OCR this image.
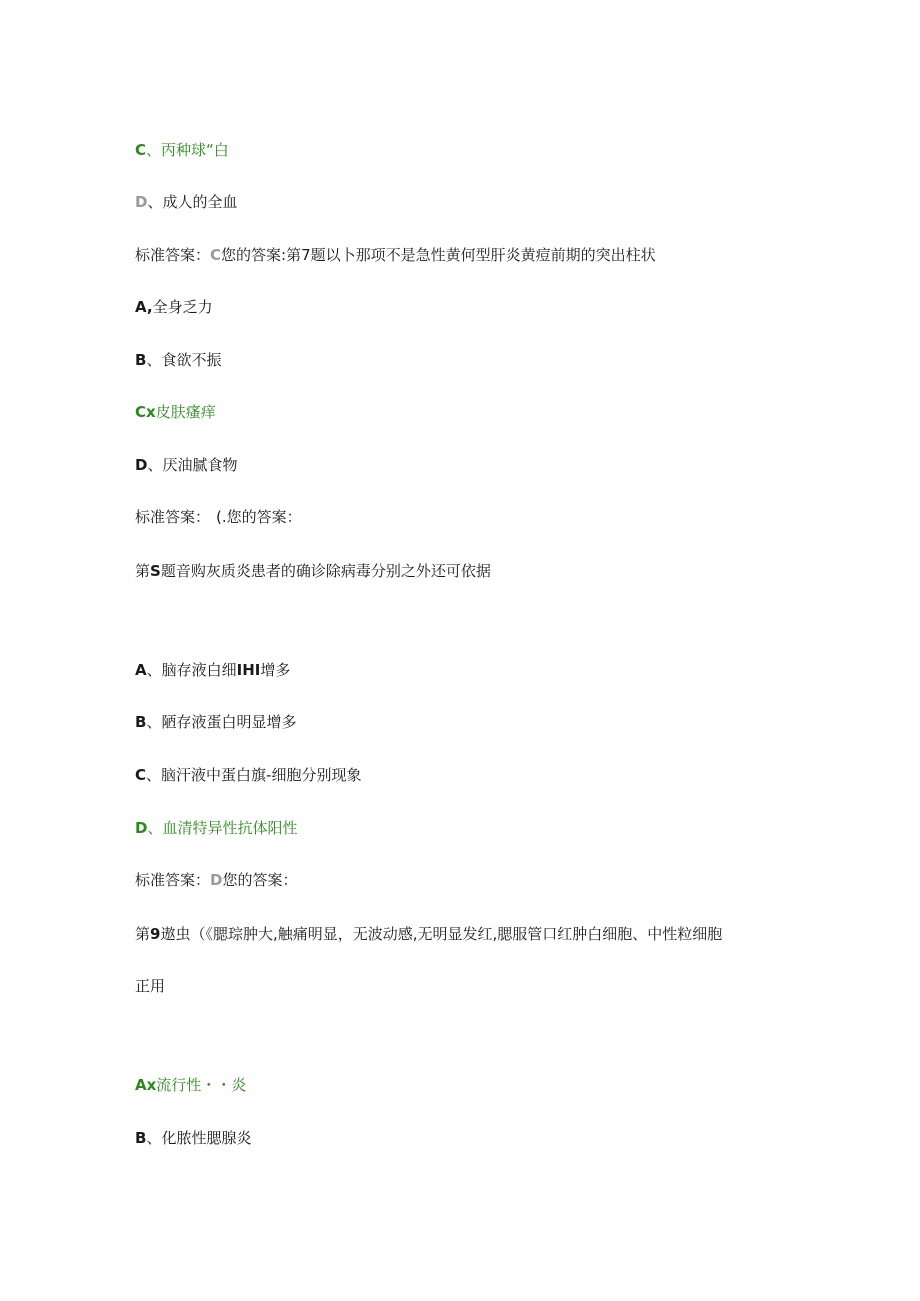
C、丙种球“白
D、成人的全血
标准答案：C您的答案:第7题以卜那项不是急性黄何型肝炎黄痘前期的突出柱状
A,全身乏力
B、食欲不振
Cx皮肤瘙痒
D、厌油腻食物
标准答案： (.您的答案：
第S题音购灰质炎患者的确诊除病毒分别之外还可依据
A、脑存液白细IHI增多
B、陋存液蛋白明显增多
C、脑汗液中蛋白旗-细胞分别现象
D、血清特异性抗体阳性
标准答案：D您的答案：
第9遨虫（《腮琮肿大,触痛明显，无波动感,无明显发红,腮服管口红肿白细胞、中性粒细胞
正用
Ax流行性・・炎
B、化脓性腮腺炎
